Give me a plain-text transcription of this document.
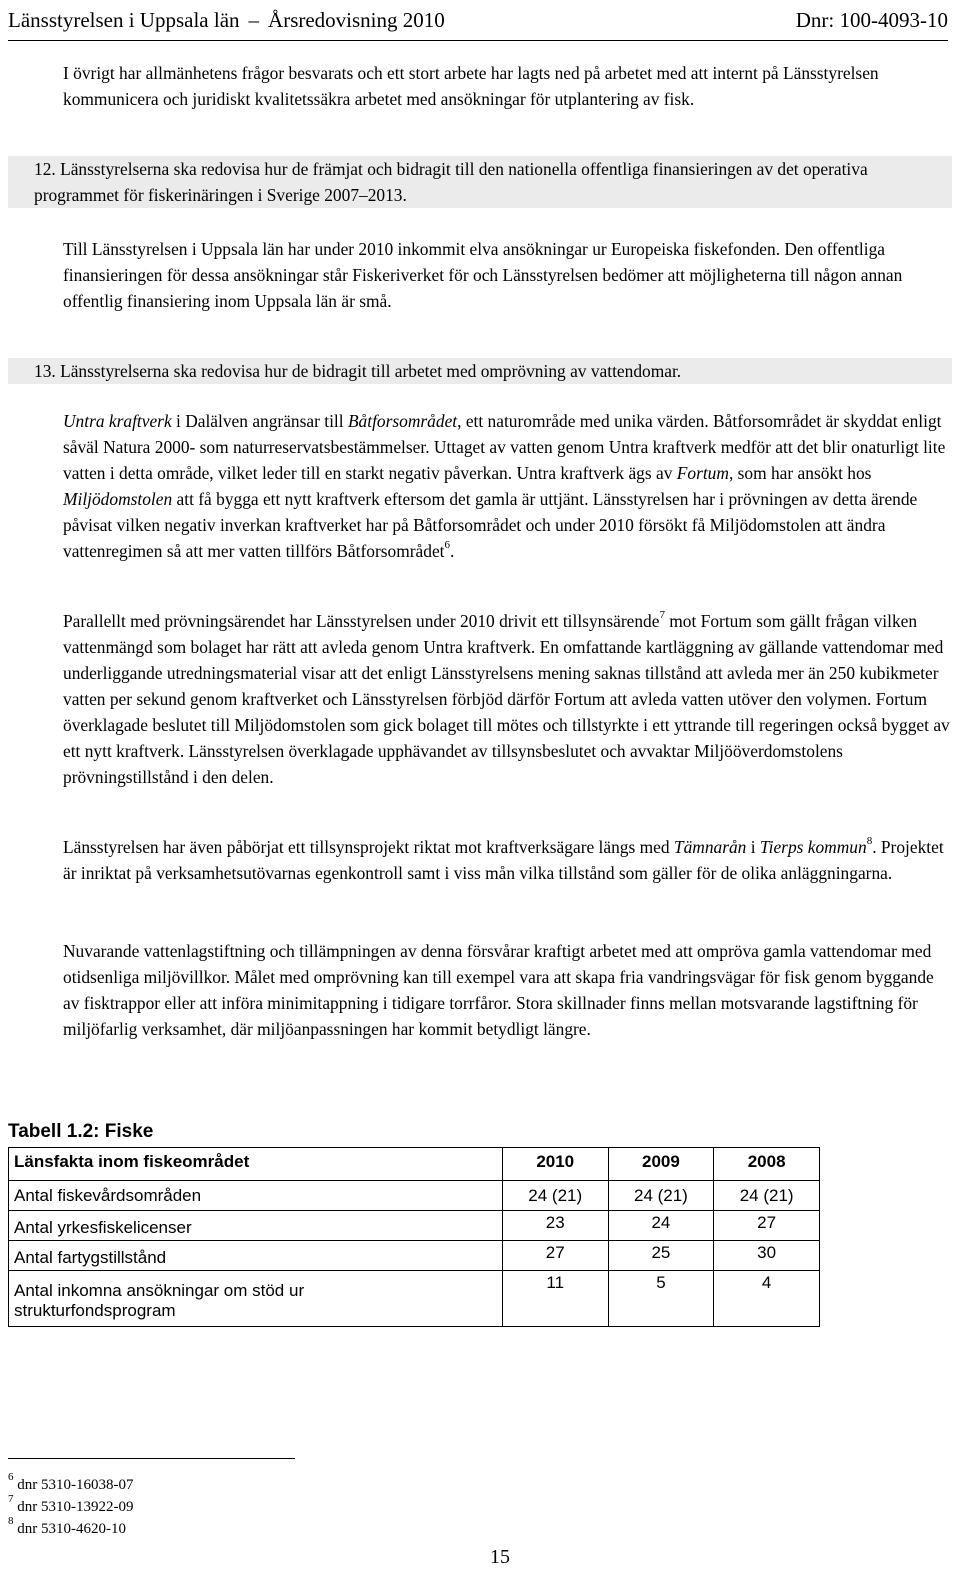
Länsstyrelsen i Uppsala län – Årsredovisning 2010	Dnr: 100-4093-10

I övrigt har allmänhetens frågor besvarats och ett stort arbete har lagts ned på arbetet med att internt på Länsstyrelsen kommunicera och juridiskt kvalitetssäkra arbetet med ansökningar för utplantering av fisk.

12. Länsstyrelserna ska redovisa hur de främjat och bidragit till den nationella offentliga finansieringen av det operativa programmet för fiskerinäringen i Sverige 2007–2013.

Till Länsstyrelsen i Uppsala län har under 2010 inkommit elva ansökningar ur Europeiska fiskefonden. Den offentliga finansieringen för dessa ansökningar står Fiskeriverket för och Länsstyrelsen bedömer att möjligheterna till någon annan offentlig finansiering inom Uppsala län är små.

13. Länsstyrelserna ska redovisa hur de bidragit till arbetet med omprövning av vattendomar.

Untra kraftverk i Dalälven angränsar till Båtforsområdet, ett naturområde med unika värden. Båtforsområdet är skyddat enligt såväl Natura 2000- som naturreservatsbestämmelser. Uttaget av vatten genom Untra kraftverk medför att det blir onaturligt lite vatten i detta område, vilket leder till en starkt negativ påverkan. Untra kraftverk ägs av Fortum, som har ansökt hos Miljödomstolen att få bygga ett nytt kraftverk eftersom det gamla är uttjänt. Länsstyrelsen har i prövningen av detta ärende påvisat vilken negativ inverkan kraftverket har på Båtforsområdet och under 2010 försökt få Miljödomstolen att ändra vattenregimen så att mer vatten tillförs Båtforsområdet$^6$.

Parallellt med prövningsärendet har Länsstyrelsen under 2010 drivit ett tillsynsärende$^7$ mot Fortum som gällt frågan vilken vattenmängd som bolaget har rätt att avleda genom Untra kraftverk. En omfattande kartläggning av gällande vattendomar med underliggande utredningsmaterial visar att det enligt Länsstyrelsens mening saknas tillstånd att avleda mer än 250 kubikmeter vatten per sekund genom kraftverket och Länsstyrelsen förbjöd därför Fortum att avleda vatten utöver den volymen. Fortum överklagade beslutet till Miljödomstolen som gick bolaget till mötes och tillstyrkte i ett yttrande till regeringen också bygget av ett nytt kraftverk. Länsstyrelsen överklagade upphävandet av tillsynsbeslutet och avvaktar Miljööverdomstolens prövningstillstånd i den delen.

Länsstyrelsen har även påbörjat ett tillsynsprojekt riktat mot kraftverksägare längs med Tämnarån i Tierps kommun$^8$. Projektet är inriktat på verksamhetsutövarnas egenkontroll samt i viss mån vilka tillstånd som gäller för de olika anläggningarna.

Nuvarande vattenlagstiftning och tillämpningen av denna försvårar kraftigt arbetet med att ompröva gamla vattendomar med otidsenliga miljövillkor. Målet med omprövning kan till exempel vara att skapa fria vandringsvägar för fisk genom byggande av fisktrappor eller att införa minimitappning i tidigare torrfåror. Stora skillnader finns mellan motsvarande lagstiftning för miljöfarlig verksamhet, där miljöanpassningen har kommit betydligt längre.

Tabell 1.2: Fiske
Länsfakta inom fiskeområdet	2010	2009	2008
Antal fiskevårdsområden	24 (21)	24 (21)	24 (21)
Antal yrkesfiskelicenser	23	24	27
Antal fartygstillstånd	27	25	30

Antal inkomna ansökningar om stöd ur strukturfondsprogram	11	5	4
$^6$ dnr 5310-16038-07
$^7$ dnr 5310-13922-09
$^8$ dnr 5310-4620-10
15
